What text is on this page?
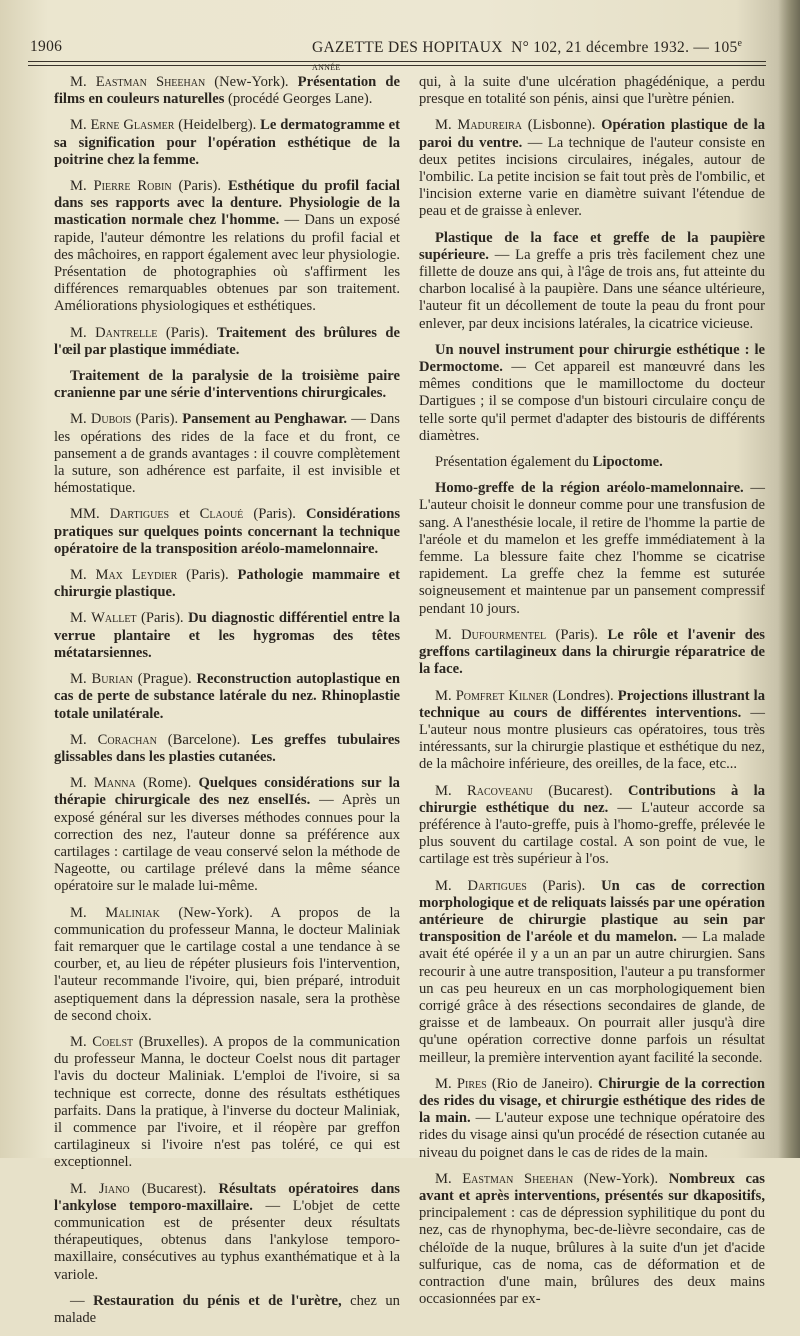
1906	GAZETTE DES HOPITAUX N° 102, 21 décembre 1932. — 105e année

M. Eastman Sheehan (New-York). Présentation de films en couleurs naturelles (procédé Georges Lane).

M. Erne Glasmer (Heidelberg). Le dermatogramme et sa signification pour l'opération esthétique de la poitrine chez la femme.

M. Pierre Robin (Paris). Esthétique du profil facial dans ses rapports avec la denture. Physiologie de la mastication normale chez l'homme. — Dans un exposé rapide, l'auteur démontre les relations du profil facial et des mâchoires, en rapport également avec leur physiologie. Présentation de photographies où s'affirment les différences remarquables obtenues par son traitement. Améliorations physiologiques et esthétiques.

M. Dantrelle (Paris). Traitement des brûlures de l'œil par plastique immédiate.

Traitement de la paralysie de la troisième paire cranienne par une série d'interventions chirurgicales.

M. Dubois (Paris). Pansement au Penghawar. — Dans les opérations des rides de la face et du front, ce pansement a de grands avantages : il couvre complètement la suture, son adhérence est parfaite, il est invisible et hémostatique.

MM. Dartigues et Claoué (Paris). Considérations pratiques sur quelques points concernant la technique opératoire de la transposition aréolo-mamelonnaire.

M. Max Leydier (Paris). Pathologie mammaire et chirurgie plastique.

M. Wallet (Paris). Du diagnostic différentiel entre la verrue plantaire et les hygromas des têtes métatarsiennes.

M. Burian (Prague). Reconstruction autoplastique en cas de perte de substance latérale du nez. Rhinoplastie totale unilatérale.

M. Corachan (Barcelone). Les greffes tubulaires glissables dans les plasties cutanées.

M. Manna (Rome). Quelques considérations sur la thérapie chirurgicale des nez enselIés. — Après un exposé général sur les diverses méthodes connues pour la correction des nez, l'auteur donne sa préférence aux cartilages : cartilage de veau conservé selon la méthode de Nageotte, ou cartilage prélevé dans la même séance opératoire sur le malade lui-même.

M. Maliniak (New-York). A propos de la communication du professeur Manna, le docteur Maliniak fait remarquer que le cartilage costal a une tendance à se courber, et, au lieu de répéter plusieurs fois l'intervention, l'auteur recommande l'ivoire, qui, bien préparé, introduit aseptiquement dans la dépression nasale, sera la prothèse de second choix.

M. Coelst (Bruxelles). A propos de la communication du professeur Manna, le docteur Coelst nous dit partager l'avis du docteur Maliniak. L'emploi de l'ivoire, si sa technique est correcte, donne des résultats esthétiques parfaits. Dans la pratique, à l'inverse du docteur Maliniak, il commence par l'ivoire, et il réopère par greffon cartilagineux si l'ivoire n'est pas toléré, ce qui est exceptionnel.

M. Jiano (Bucarest). Résultats opératoires dans l'ankylose temporo-maxillaire. — L'objet de cette communication est de présenter deux résultats thérapeutiques, obtenus dans l'ankylose temporo-maxillaire, consécutives au typhus exanthématique et à la variole.

— Restauration du pénis et de l'urètre, chez un malade

qui, à la suite d'une ulcération phagédénique, a perdu presque en totalité son pénis, ainsi que l'urètre pénien.

M. Madureira (Lisbonne). Opération plastique de la paroi du ventre. — La technique de l'auteur consiste en deux petites incisions circulaires, inégales, autour de l'ombilic. La petite incision se fait tout près de l'ombilic, et l'incision externe varie en diamètre suivant l'étendue de peau et de graisse à enlever.

Plastique de la face et greffe de la paupière supérieure. — La greffe a pris très facilement chez une fillette de douze ans qui, à l'âge de trois ans, fut atteinte du charbon localisé à la paupière. Dans une séance ultérieure, l'auteur fit un décollement de toute la peau du front pour enlever, par deux incisions latérales, la cicatrice vicieuse.

Un nouvel instrument pour chirurgie esthétique : le Dermoctome. — Cet appareil est manœuvré dans les mêmes conditions que le mamilloctome du docteur Dartigues ; il se compose d'un bistouri circulaire conçu de telle sorte qu'il permet d'adapter des bistouris de différents diamètres.

Présentation également du Lipoctome.

Homo-greffe de la région aréolo-mamelonnaire. — L'auteur choisit le donneur comme pour une transfusion de sang. A l'anesthésie locale, il retire de l'homme la partie de l'aréole et du mamelon et les greffe immédiatement à la femme. La blessure faite chez l'homme se cicatrise rapidement. La greffe chez la femme est suturée soigneusement et maintenue par un pansement compressif pendant 10 jours.

M. Dufourmentel (Paris). Le rôle et l'avenir des greffons cartilagineux dans la chirurgie réparatrice de la face.

M. Pomfret Kilner (Londres). Projections illustrant la technique au cours de différentes interventions. — L'auteur nous montre plusieurs cas opératoires, tous très intéressants, sur la chirurgie plastique et esthétique du nez, de la mâchoire inférieure, des oreilles, de la face, etc...

M. Racoveanu (Bucarest). Contributions à la chirurgie esthétique du nez. — L'auteur accorde sa préférence à l'auto-greffe, puis à l'homo-greffe, prélevée le plus souvent du cartilage costal. A son point de vue, le cartilage est très supérieur à l'os.

M. Dartigues (Paris). Un cas de correction morphologique et de reliquats laissés par une opération antérieure de chirurgie plastique au sein par transposition de l'aréole et du mamelon. — La malade avait été opérée il y a un an par un autre chirurgien. Sans recourir à une autre transposition, l'auteur a pu transformer un cas peu heureux en un cas morphologiquement bien corrigé grâce à des résections secondaires de glande, de graisse et de lambeaux. On pourrait aller jusqu'à dire qu'une opération corrective donne parfois un résultat meilleur, la première intervention ayant facilité la seconde.

M. Pires (Rio de Janeiro). Chirurgie de la correction des rides du visage, et chirurgie esthétique des rides de la main. — L'auteur expose une technique opératoire des rides du visage ainsi qu'un procédé de résection cutanée au niveau du poignet dans le cas de rides de la main.

M. Eastman Sheehan (New-York). Nombreux cas avant et après interventions, présentés sur dkapositifs, principalement : cas de dépression syphilitique du pont du nez, cas de rhynophyma, bec-de-lièvre secondaire, cas de chéloïde de la nuque, brûlures à la suite d'un jet d'acide sulfurique, cas de noma, cas de déformation et de contraction d'une main, brûlures des deux mains occasionnées par ex-
